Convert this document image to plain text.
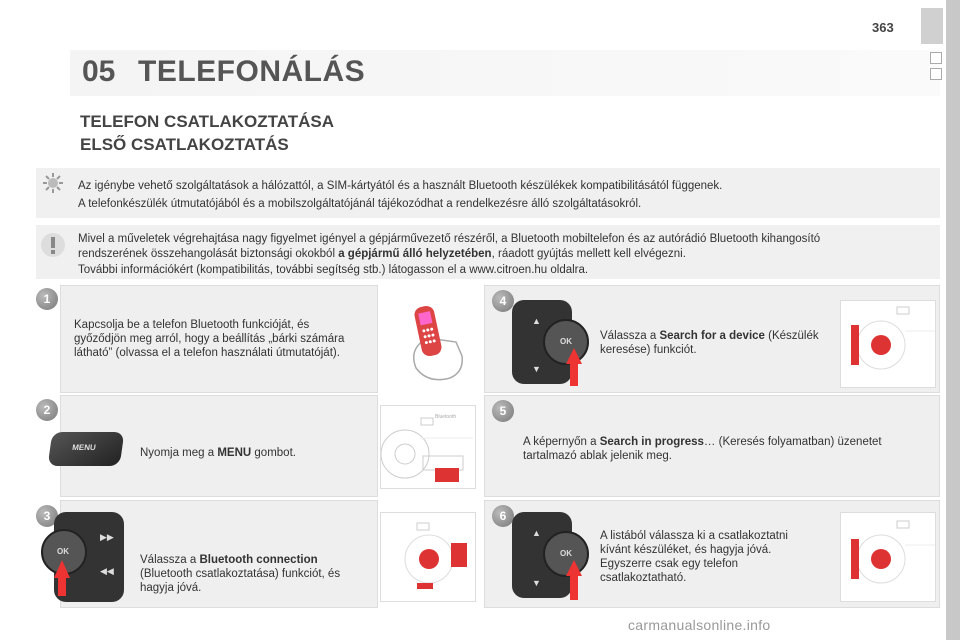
363
05 TELEFONÁLÁS
TELEFON CSATLAKOZTATÁSA
ELSŐ CSATLAKOZTATÁS
Az igénybe vehető szolgáltatások a hálózattól, a SIM-kártyától és a használt Bluetooth készülékek kompatibilitásától függenek.
A telefonkészülék útmutatójából és a mobilszolgáltatójánál tájékozódhat a rendelkezésre álló szolgáltatásokról.
Mivel a műveletek végrehajtása nagy figyelmet igényel a gépjárművezető részéről, a Bluetooth mobiltelefon és az autórádió Bluetooth kihangosító rendszerének összehangolását biztonsági okokból a gépjármű álló helyzetében, ráadott gyújtás mellett kell elvégezni.
További információkért (kompatibilitás, további segítség stb.) látogasson el a www.citroen.hu oldalra.
1
Kapcsolja be a telefon Bluetooth funkcióját, és győződjön meg arról, hogy a beállítás „bárki számára látható” (olvassa el a telefon használati útmutatóját).
2
MENU	Nyomja meg a MENU gombot.
Bluetooth
3
▶▶
◀◀
OK
Válassza a Bluetooth connection (Bluetooth csatlakoztatása) funkciót, és hagyja jóvá.
4
▲
▼
OK Válassza a Search for a device (Készülék keresése) funkciót.
5
A képernyőn a Search in progress… (Keresés folyamatban) üzenetet tartalmazó ablak jelenik meg.
6
▲
▼
OK
A listából válassza ki a csatlakoztatni kívánt készüléket, és hagyja jóvá. Egyszerre csak egy telefon csatlakoztatható.
carmanualsonline.info
